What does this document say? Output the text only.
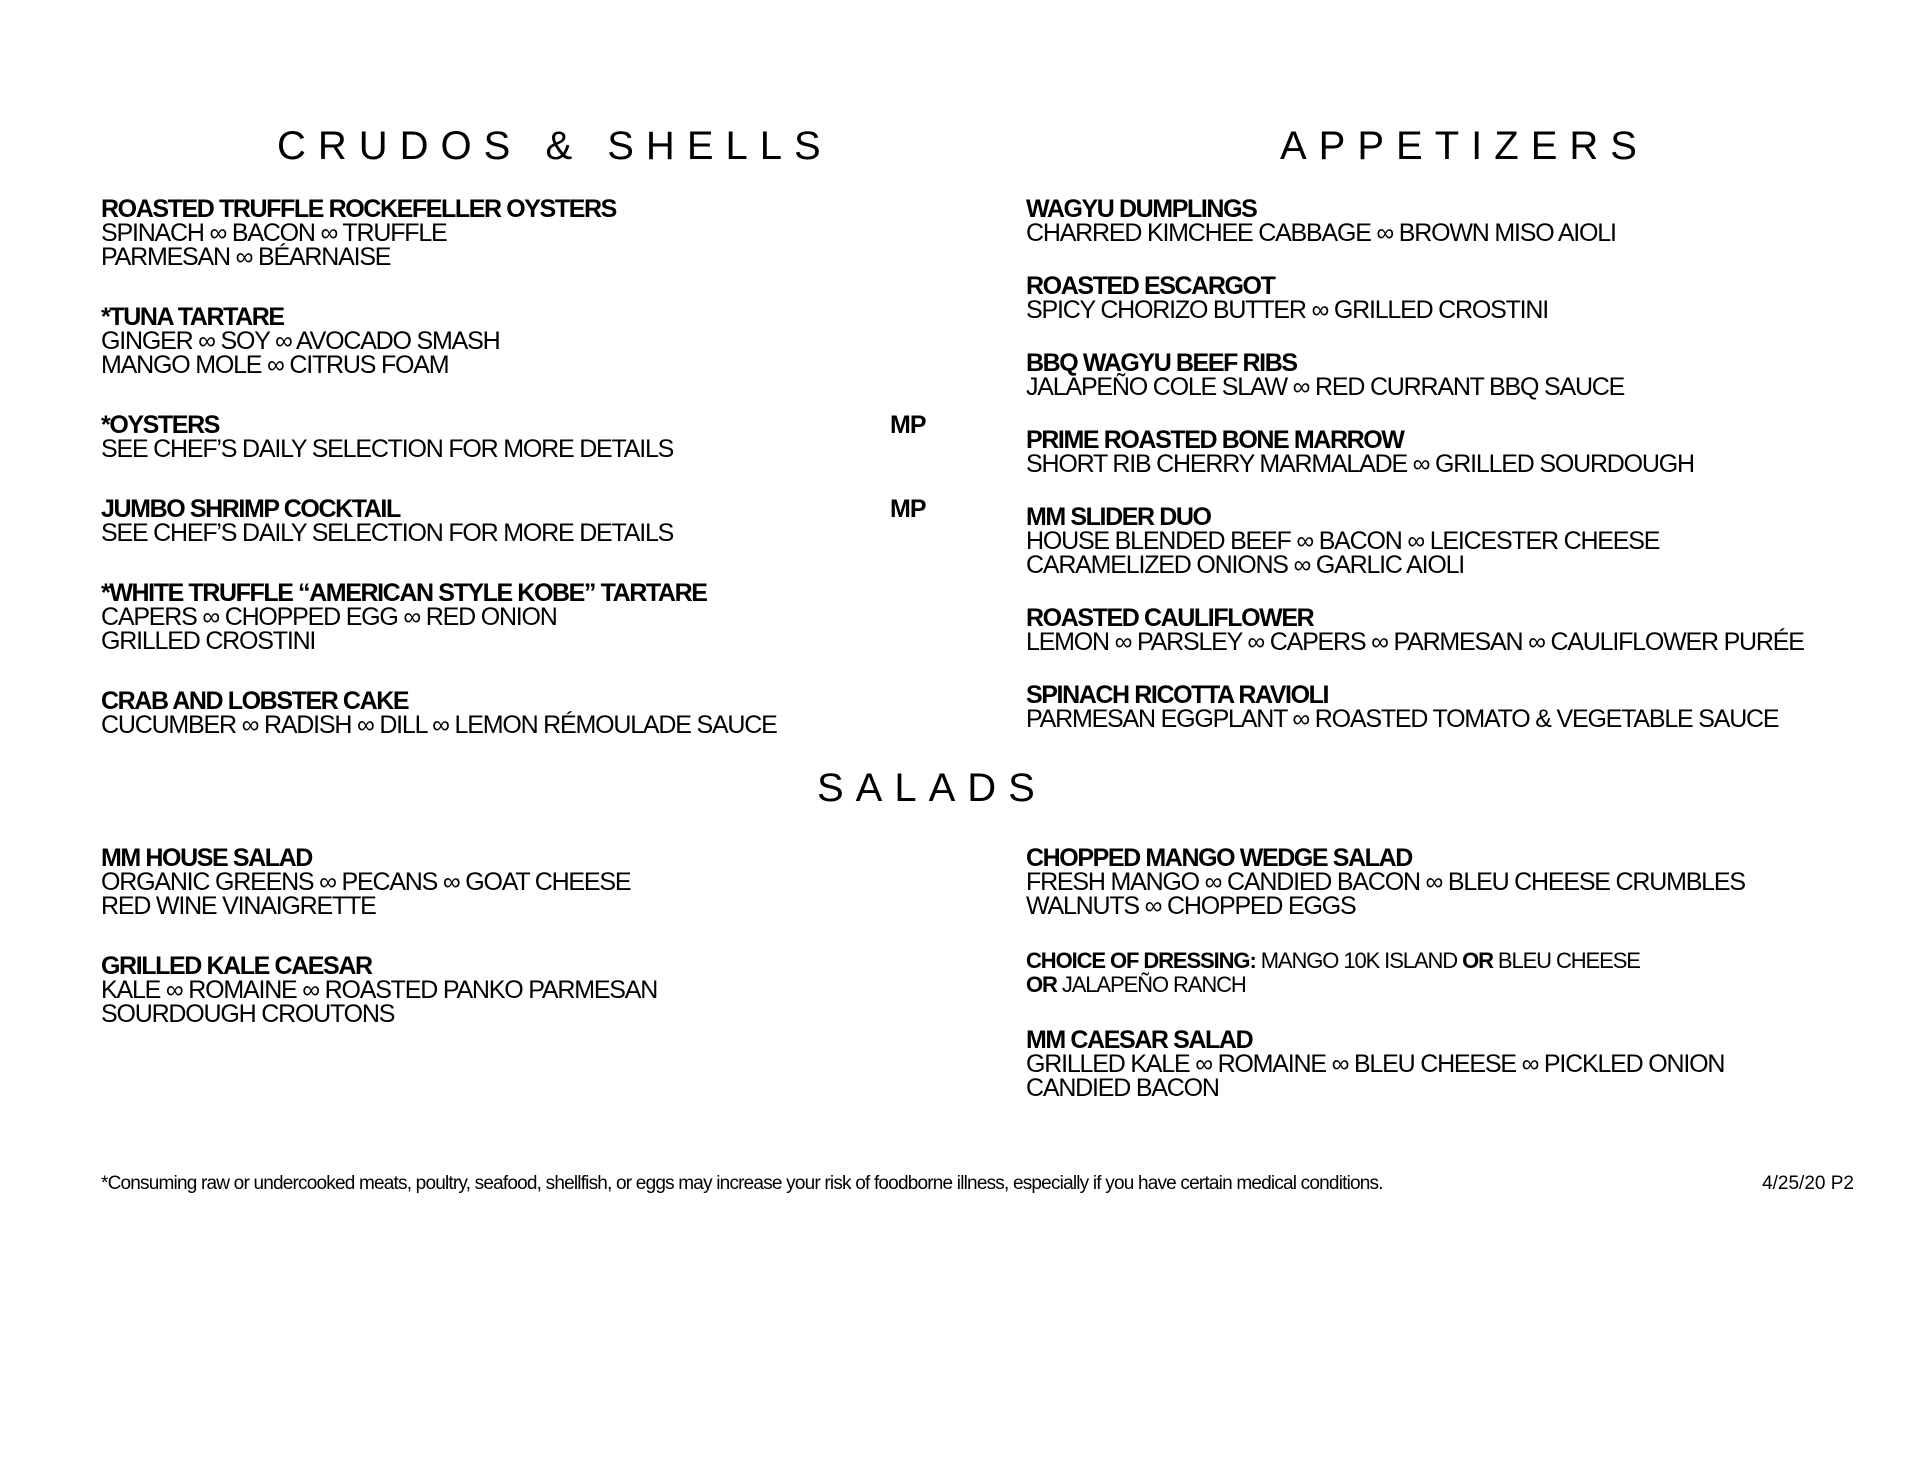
CRUDOS & SHELLS	APPETIZERS
SALADS
ROASTED TRUFFLE ROCKEFELLER OYSTERS
SPINACH ∞ BACON ∞ TRUFFLE
PARMESAN ∞ BÉARNAISE
*TUNA TARTARE
GINGER ∞ SOY ∞ AVOCADO SMASH
MANGO MOLE ∞ CITRUS FOAM
*OYSTERS	MP
SEE CHEF’S DAILY SELECTION FOR MORE DETAILS
JUMBO SHRIMP COCKTAIL	MP
SEE CHEF’S DAILY SELECTION FOR MORE DETAILS
*WHITE TRUFFLE “AMERICAN STYLE KOBE” TARTARE
CAPERS ∞ CHOPPED EGG ∞ RED ONION
GRILLED CROSTINI
CRAB AND LOBSTER CAKE
CUCUMBER ∞ RADISH ∞ DILL ∞ LEMON RÉMOULADE SAUCE
WAGYU DUMPLINGS
CHARRED KIMCHEE CABBAGE ∞ BROWN MISO AIOLI
ROASTED ESCARGOT
SPICY CHORIZO BUTTER ∞ GRILLED CROSTINI
BBQ WAGYU BEEF RIBS
JALAPEÑO COLE SLAW ∞ RED CURRANT BBQ SAUCE
PRIME ROASTED BONE MARROW
SHORT RIB CHERRY MARMALADE ∞ GRILLED SOURDOUGH
MM SLIDER DUO
HOUSE BLENDED BEEF ∞ BACON ∞ LEICESTER CHEESE
CARAMELIZED ONIONS ∞ GARLIC AIOLI
ROASTED CAULIFLOWER
LEMON ∞ PARSLEY ∞ CAPERS ∞ PARMESAN ∞ CAULIFLOWER PURÉE
SPINACH RICOTTA RAVIOLI
PARMESAN EGGPLANT ∞ ROASTED TOMATO & VEGETABLE SAUCE
MM HOUSE SALAD
ORGANIC GREENS ∞ PECANS ∞ GOAT CHEESE
RED WINE VINAIGRETTE
GRILLED KALE CAESAR
KALE ∞ ROMAINE ∞ ROASTED PANKO PARMESAN
SOURDOUGH CROUTONS
CHOPPED MANGO WEDGE SALAD
FRESH MANGO ∞ CANDIED BACON ∞ BLEU CHEESE CRUMBLES
WALNUTS ∞ CHOPPED EGGS
CHOICE OF DRESSING: MANGO 10K ISLAND OR BLEU CHEESE
OR JALAPEÑO RANCH
MM CAESAR SALAD
GRILLED KALE ∞ ROMAINE ∞ BLEU CHEESE ∞ PICKLED ONION
CANDIED BACON
*Consuming raw or undercooked meats, poultry, seafood, shellfish, or eggs may increase your risk of foodborne illness, especially if you have certain medical conditions.	4/25/20 P2
